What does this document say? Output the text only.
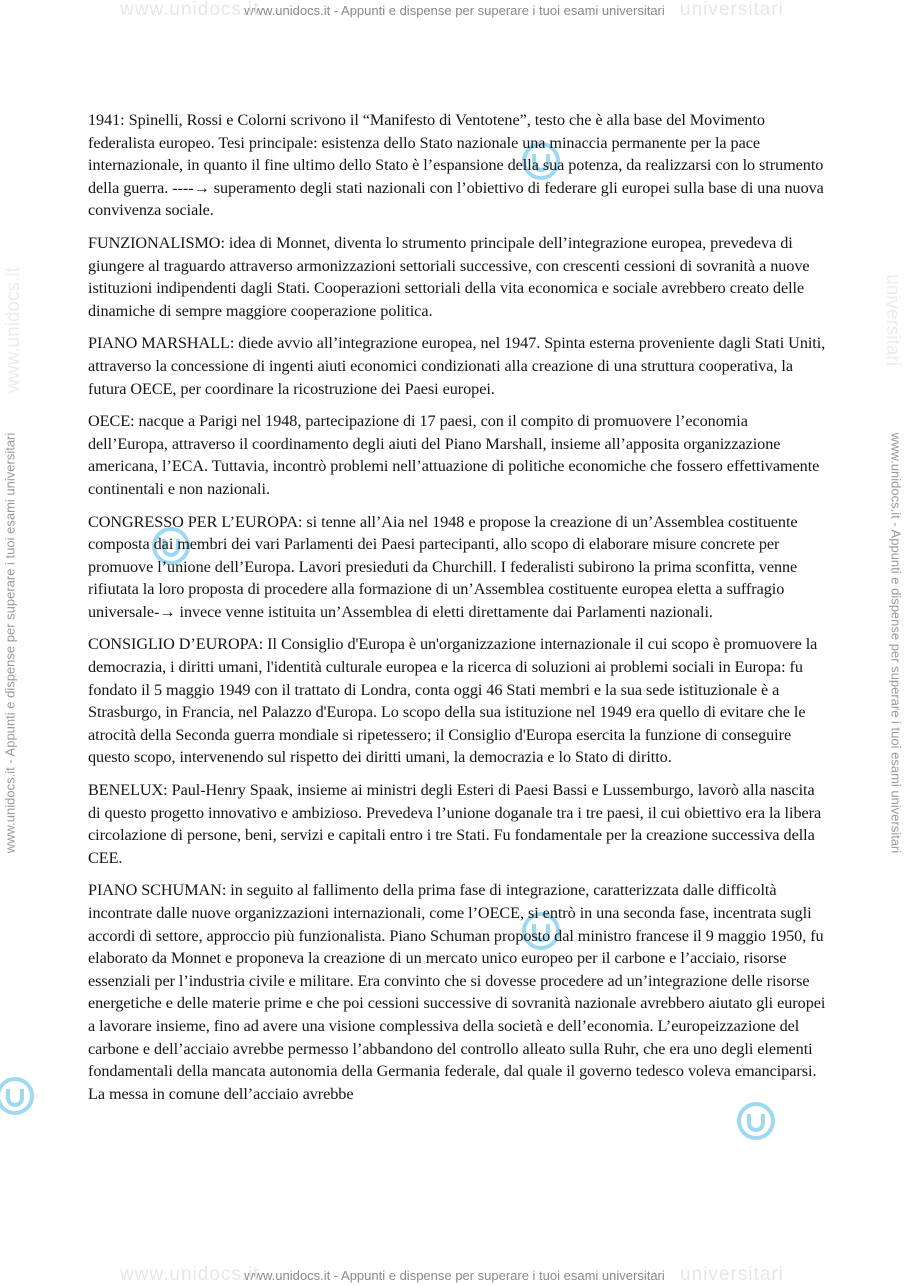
www.unidocs.it
www.unidocs.it - Appunti e dispense per superare i tuoi esami universitari universitari
www.unidocs.it - Appunti e dispense per superare i tuoi esami universitari	www.unidocs.it - Appunti e dispense per superare i tuoi esami universitari
www.unidocs.it	universitari

1941: Spinelli, Rossi e Colorni scrivono il “Manifesto di Ventotene”, testo che è alla base del Movimento federalista europeo. Tesi principale: esistenza dello Stato nazionale una minaccia permanente per la pace internazionale, in quanto il fine ultimo dello Stato è l’espansione della sua potenza, da realizzarsi con lo strumento della guerra. ----→ superamento degli stati nazionali con l’obiettivo di federare gli europei sulla base di una nuova convivenza sociale.

FUNZIONALISMO: idea di Monnet, diventa lo strumento principale dell’integrazione europea, prevedeva di giungere al traguardo attraverso armonizzazioni settoriali successive, con crescenti cessioni di sovranità a nuove istituzioni indipendenti dagli Stati. Cooperazioni settoriali della vita economica e sociale avrebbero creato delle dinamiche di sempre maggiore cooperazione politica.

PIANO MARSHALL: diede avvio all’integrazione europea, nel 1947. Spinta esterna proveniente dagli Stati Uniti, attraverso la concessione di ingenti aiuti economici condizionati alla creazione di una struttura cooperativa, la futura OECE, per coordinare la ricostruzione dei Paesi europei.

OECE: nacque a Parigi nel 1948, partecipazione di 17 paesi, con il compito di promuovere l’economia dell’Europa, attraverso il coordinamento degli aiuti del Piano Marshall, insieme all’apposita organizzazione americana, l’ECA. Tuttavia, incontrò problemi nell’attuazione di politiche economiche che fossero effettivamente continentali e non nazionali.

CONGRESSO PER L’EUROPA: si tenne all’Aia nel 1948 e propose la creazione di un’Assemblea costituente composta dai membri dei vari Parlamenti dei Paesi partecipanti, allo scopo di elaborare misure concrete per promuove l’unione dell’Europa. Lavori presieduti da Churchill. I federalisti subirono la prima sconfitta, venne rifiutata la loro proposta di procedere alla formazione di un’Assemblea costituente europea eletta a suffragio universale-→ invece venne istituita un’Assemblea di eletti direttamente dai Parlamenti nazionali.

CONSIGLIO D’EUROPA: Il Consiglio d'Europa è un'organizzazione internazionale il cui scopo è promuovere la democrazia, i diritti umani, l'identità culturale europea e la ricerca di soluzioni ai problemi sociali in Europa: fu fondato il 5 maggio 1949 con il trattato di Londra, conta oggi 46 Stati membri e la sua sede istituzionale è a Strasburgo, in Francia, nel Palazzo d'Europa. Lo scopo della sua istituzione nel 1949 era quello di evitare che le atrocità della Seconda guerra mondiale si ripetessero; il Consiglio d'Europa esercita la funzione di conseguire questo scopo, intervenendo sul rispetto dei diritti umani, la democrazia e lo Stato di diritto.

BENELUX: Paul-Henry Spaak, insieme ai ministri degli Esteri di Paesi Bassi e Lussemburgo, lavorò alla nascita di questo progetto innovativo e ambizioso. Prevedeva l’unione doganale tra i tre paesi, il cui obiettivo era la libera circolazione di persone, beni, servizi e capitali entro i tre Stati. Fu fondamentale per la creazione successiva della CEE.

PIANO SCHUMAN: in seguito al fallimento della prima fase di integrazione, caratterizzata dalle difficoltà incontrate dalle nuove organizzazioni internazionali, come l’OECE, si entrò in una seconda fase, incentrata sugli accordi di settore, approccio più funzionalista. Piano Schuman proposto dal ministro francese il 9 maggio 1950, fu elaborato da Monnet e proponeva la creazione di un mercato unico europeo per il carbone e l’acciaio, risorse essenziali per l’industria civile e militare. Era convinto che si dovesse procedere ad un’integrazione delle risorse energetiche e delle materie prime e che poi cessioni successive di sovranità nazionale avrebbero aiutato gli europei a lavorare insieme, fino ad avere una visione complessiva della società e dell’economia. L’europeizzazione del carbone e dell’acciaio avrebbe permesso l’abbandono del controllo alleato sulla Ruhr, che era uno degli elementi fondamentali della mancata autonomia della Germania federale, dal quale il governo tedesco voleva emanciparsi. La messa in comune dell’acciaio avrebbe

www.unidocs.it
www.unidocs.it - Appunti e dispense per superare i tuoi esami universitari universitari
